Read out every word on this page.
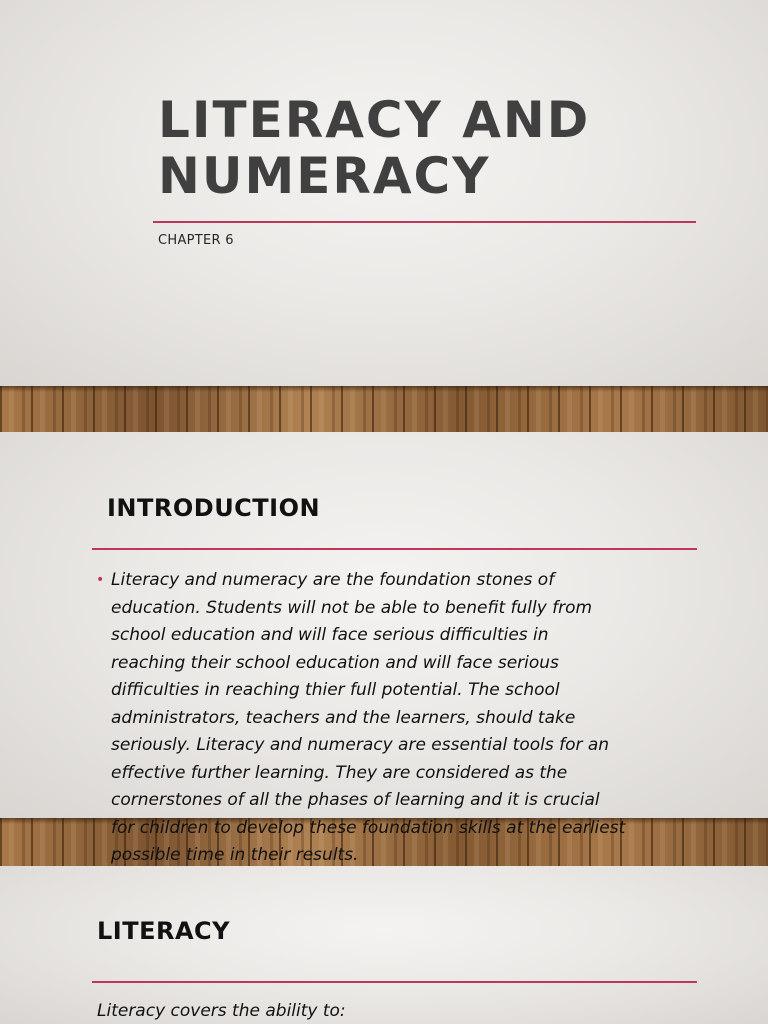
LITERACY AND
NUMERACY
CHAPTER 6
INTRODUCTION
• Literacy and numeracy are the foundation stones of
education. Students will not be able to benefit fully from
school education and will face serious difficulties in
reaching their school education and will face serious
difficulties in reaching thier full potential. The school
administrators, teachers and the learners, should take
seriously. Literacy and numeracy are essential tools for an
effective further learning. They are considered as the
cornerstones of all the phases of learning and it is crucial
for children to develop these foundation skills at the earliest
possible time in their results.
LITERACY
Literacy covers the ability to:
